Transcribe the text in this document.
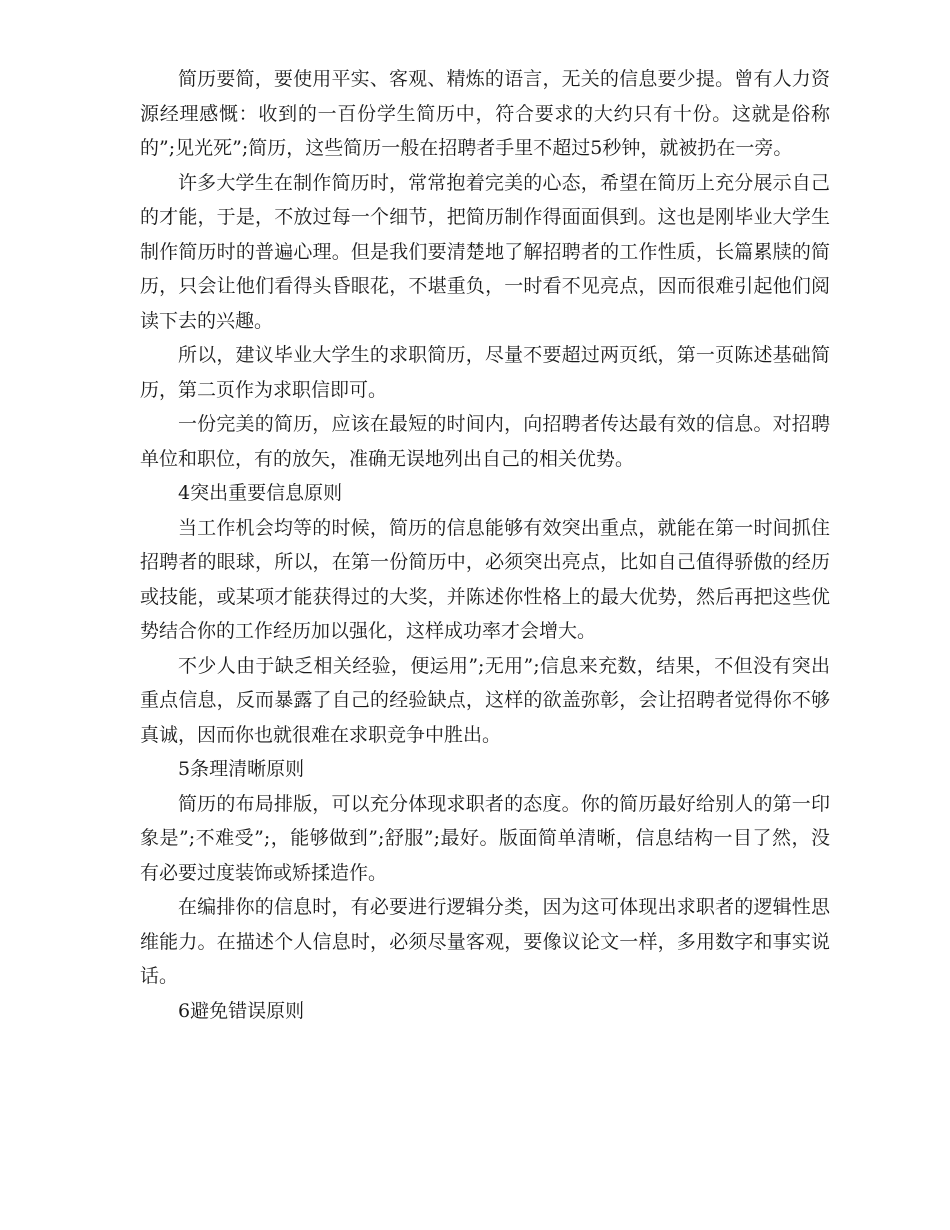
简历要简，要使用平实、客观、精炼的语言，无关的信息要少提。曾有人力资源经理感慨：收到的一百份学生简历中，符合要求的大约只有十份。这就是俗称的”;见光死”;简历，这些简历一般在招聘者手里不超过5秒钟，就被扔在一旁。

许多大学生在制作简历时，常常抱着完美的心态，希望在简历上充分展示自己的才能，于是，不放过每一个细节，把简历制作得面面俱到。这也是刚毕业大学生制作简历时的普遍心理。但是我们要清楚地了解招聘者的工作性质，长篇累牍的简历，只会让他们看得头昏眼花，不堪重负，一时看不见亮点，因而很难引起他们阅读下去的兴趣。

所以，建议毕业大学生的求职简历，尽量不要超过两页纸，第一页陈述基础简历，第二页作为求职信即可。

一份完美的简历，应该在最短的时间内，向招聘者传达最有效的信息。对招聘单位和职位，有的放矢，准确无误地列出自己的相关优势。

4突出重要信息原则

当工作机会均等的时候，简历的信息能够有效突出重点，就能在第一时间抓住招聘者的眼球，所以，在第一份简历中，必须突出亮点，比如自己值得骄傲的经历或技能，或某项才能获得过的大奖，并陈述你性格上的最大优势，然后再把这些优势结合你的工作经历加以强化，这样成功率才会增大。

不少人由于缺乏相关经验，便运用”;无用”;信息来充数，结果，不但没有突出重点信息，反而暴露了自己的经验缺点，这样的欲盖弥彰，会让招聘者觉得你不够真诚，因而你也就很难在求职竞争中胜出。

5条理清晰原则

简历的布局排版，可以充分体现求职者的态度。你的简历最好给别人的第一印象是”;不难受”;，能够做到”;舒服”;最好。版面简单清晰，信息结构一目了然，没有必要过度装饰或矫揉造作。

在编排你的信息时，有必要进行逻辑分类，因为这可体现出求职者的逻辑性思维能力。在描述个人信息时，必须尽量客观，要像议论文一样，多用数字和事实说话。

6避免错误原则
